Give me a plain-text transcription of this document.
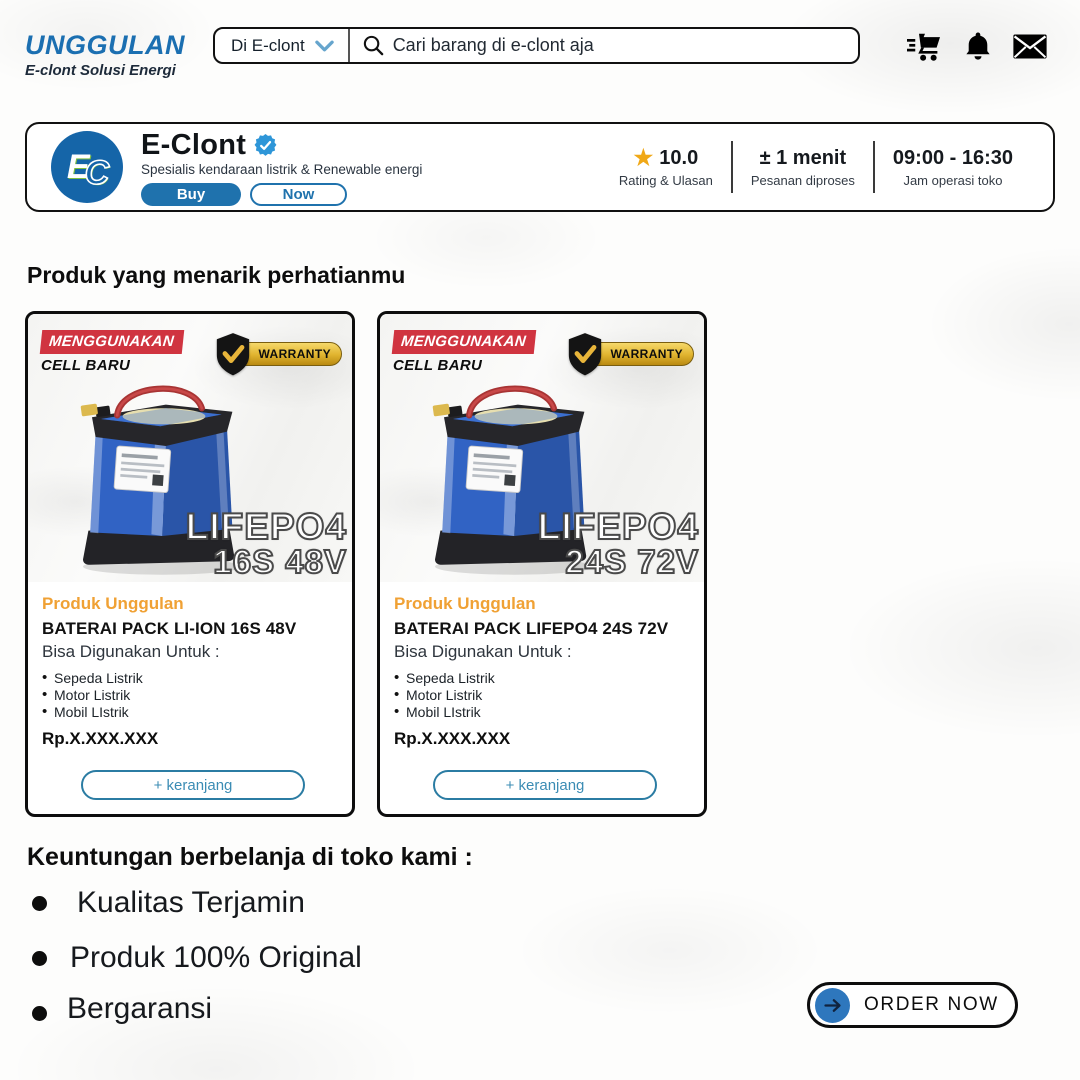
UNGGULAN
E-clont Solusi Energi
Di E-clont
Cari barang di e-clont aja
E
C
E-Clont
Spesialis kendaraan listrik & Renewable energi
Buy	Now
★ 10.0
Rating & Ulasan
± 1 menit
Pesanan diproses
09:00 - 16:30
Jam operasi toko
Produk yang menarik perhatianmu
MENGGUNAKAN
CELL BARU
WARRANTY
LIFEPO4
16S 48V
Produk Unggulan
BATERAI PACK LI-ION 16S 48V
Bisa Digunakan Untuk :
• Sepeda Listrik
• Motor Listrik
• Mobil LIstrik
Rp.X.XXX.XXX
+ keranjang
MENGGUNAKAN
CELL BARU
WARRANTY
LIFEPO4
24S 72V
Produk Unggulan
BATERAI PACK LIFEPO4 24S 72V
Bisa Digunakan Untuk :
• Sepeda Listrik
• Motor Listrik
• Mobil LIstrik
Rp.X.XXX.XXX
+ keranjang
Keuntungan berbelanja di toko kami :
Kualitas Terjamin
Produk 100% Original
Bergaransi	ORDER NOW
